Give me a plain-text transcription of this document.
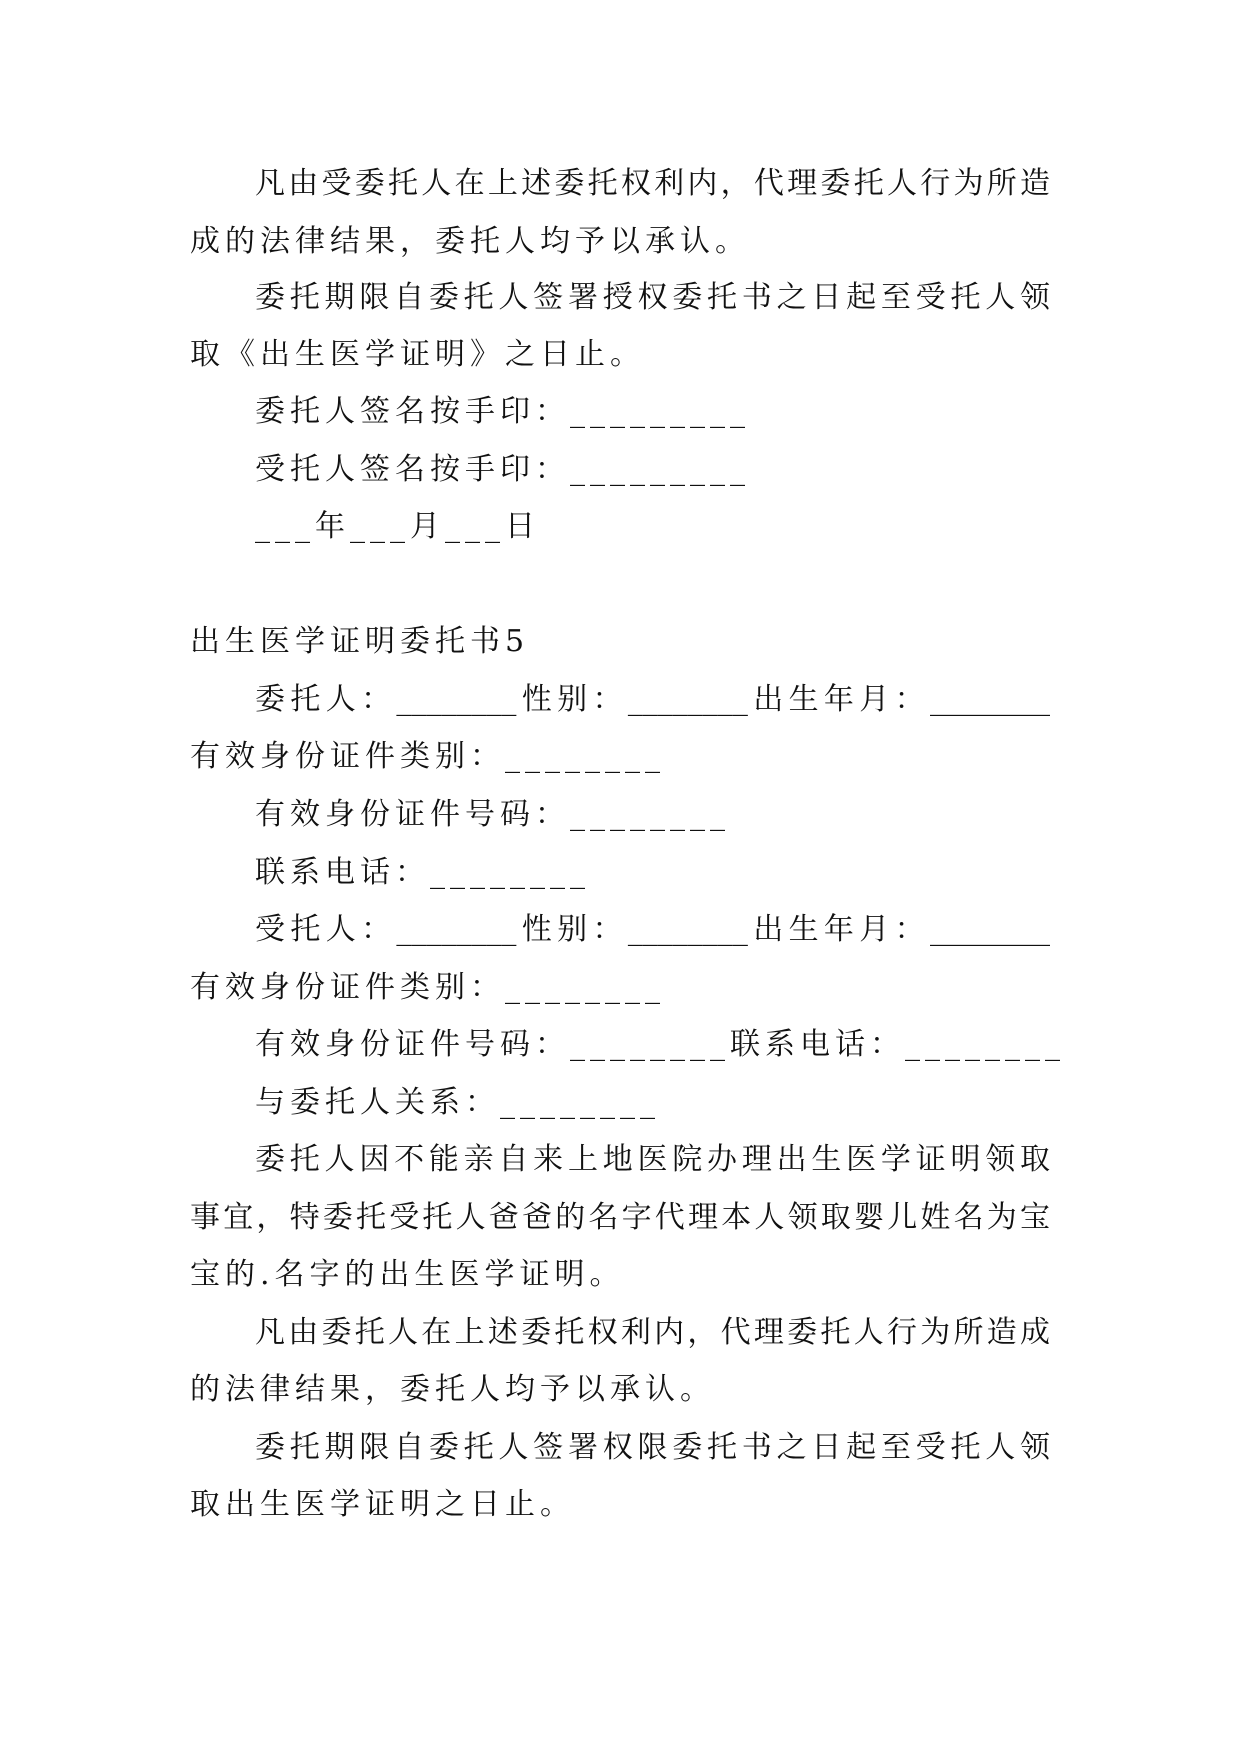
凡由受委托人在上述委托权利内，代理委托人行为所造
成的法律结果，委托人均予以承认。
委托期限自委托人签署授权委托书之日起至受托人领
取《出生医学证明》之日止。
委托人签名按手印：_________
受托人签名按手印：_________
___年___月___日
出生医学证明委托书5
委托人：________性别：________出生年月：________
有效身份证件类别：________
有效身份证件号码：________
联系电话：________
受托人：________性别：________出生年月：________
有效身份证件类别：________
有效身份证件号码：________联系电话：________
与委托人关系：________
委托人因不能亲自来上地医院办理出生医学证明领取
事宜，特委托受托人爸爸的名字代理本人领取婴儿姓名为宝
宝的.名字的出生医学证明。
凡由委托人在上述委托权利内，代理委托人行为所造成
的法律结果，委托人均予以承认。
委托期限自委托人签署权限委托书之日起至受托人领
取出生医学证明之日止。
